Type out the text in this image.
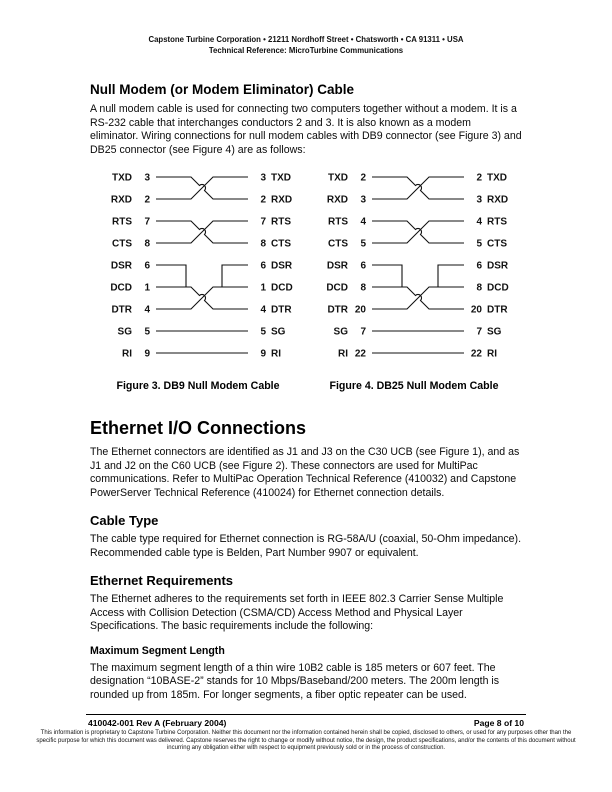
Capstone Turbine Corporation • 21211 Nordhoff Street • Chatsworth • CA 91311 • USA
Technical Reference: MicroTurbine Communications
Null Modem (or Modem Eliminator) Cable

A null modem cable is used for connecting two computers together without a modem. It is a RS-232 cable that interchanges conductors 2 and 3. It is also known as a modem eliminator. Wiring connections for null modem cables with DB9 connector (see Figure 3) and DB25 connector (see Figure 4) are as follows:

TXD 3	3 TXD
RXD 2	2 RXD
RTS 7	7 RTS
CTS 8	8 CTS
DSR 6	6 DSR
DCD 1	1 DCD
DTR 4	4 DTR
SG 5	5 SG
RI 9	9 RI
Figure 3. DB9 Null Modem Cable
TXD 2	2 TXD
RXD 3	3 RXD
RTS 4	4 RTS
CTS 5	5 CTS
DSR 6	6 DSR
DCD 8	8 DCD
DTR 20	20 DTR
SG 7	7 SG
RI 22	22 RI
Figure 4. DB25 Null Modem Cable
Ethernet I/O Connections

The Ethernet connectors are identified as J1 and J3 on the C30 UCB (see Figure 1), and as J1 and J2 on the C60 UCB (see Figure 2). These connectors are used for MultiPac communications. Refer to MultiPac Operation Technical Reference (410032) and Capstone PowerServer Technical Reference (410024) for Ethernet connection details.

Cable Type

The cable type required for Ethernet connection is RG-58A/U (coaxial, 50-Ohm impedance). Recommended cable type is Belden, Part Number 9907 or equivalent.

Ethernet Requirements

The Ethernet adheres to the requirements set forth in IEEE 802.3 Carrier Sense Multiple Access with Collision Detection (CSMA/CD) Access Method and Physical Layer Specifications. The basic requirements include the following:

Maximum Segment Length

The maximum segment length of a thin wire 10B2 cable is 185 meters or 607 feet. The designation “10BASE-2” stands for 10 Mbps/Baseband/200 meters. The 200m length is rounded up from 185m. For longer segments, a fiber optic repeater can be used.

410042-001 Rev A (February 2004)	Page 8 of 10
This information is proprietary to Capstone Turbine Corporation. Neither this document nor the information contained herein shall be copied, disclosed to others, or used for any purposes other than the specific purpose for which this document was delivered. Capstone reserves the right to change or modify without notice, the design, the product specifications, and/or the contents of this document without incurring any obligation either with respect to equipment previously sold or in the process of construction.
